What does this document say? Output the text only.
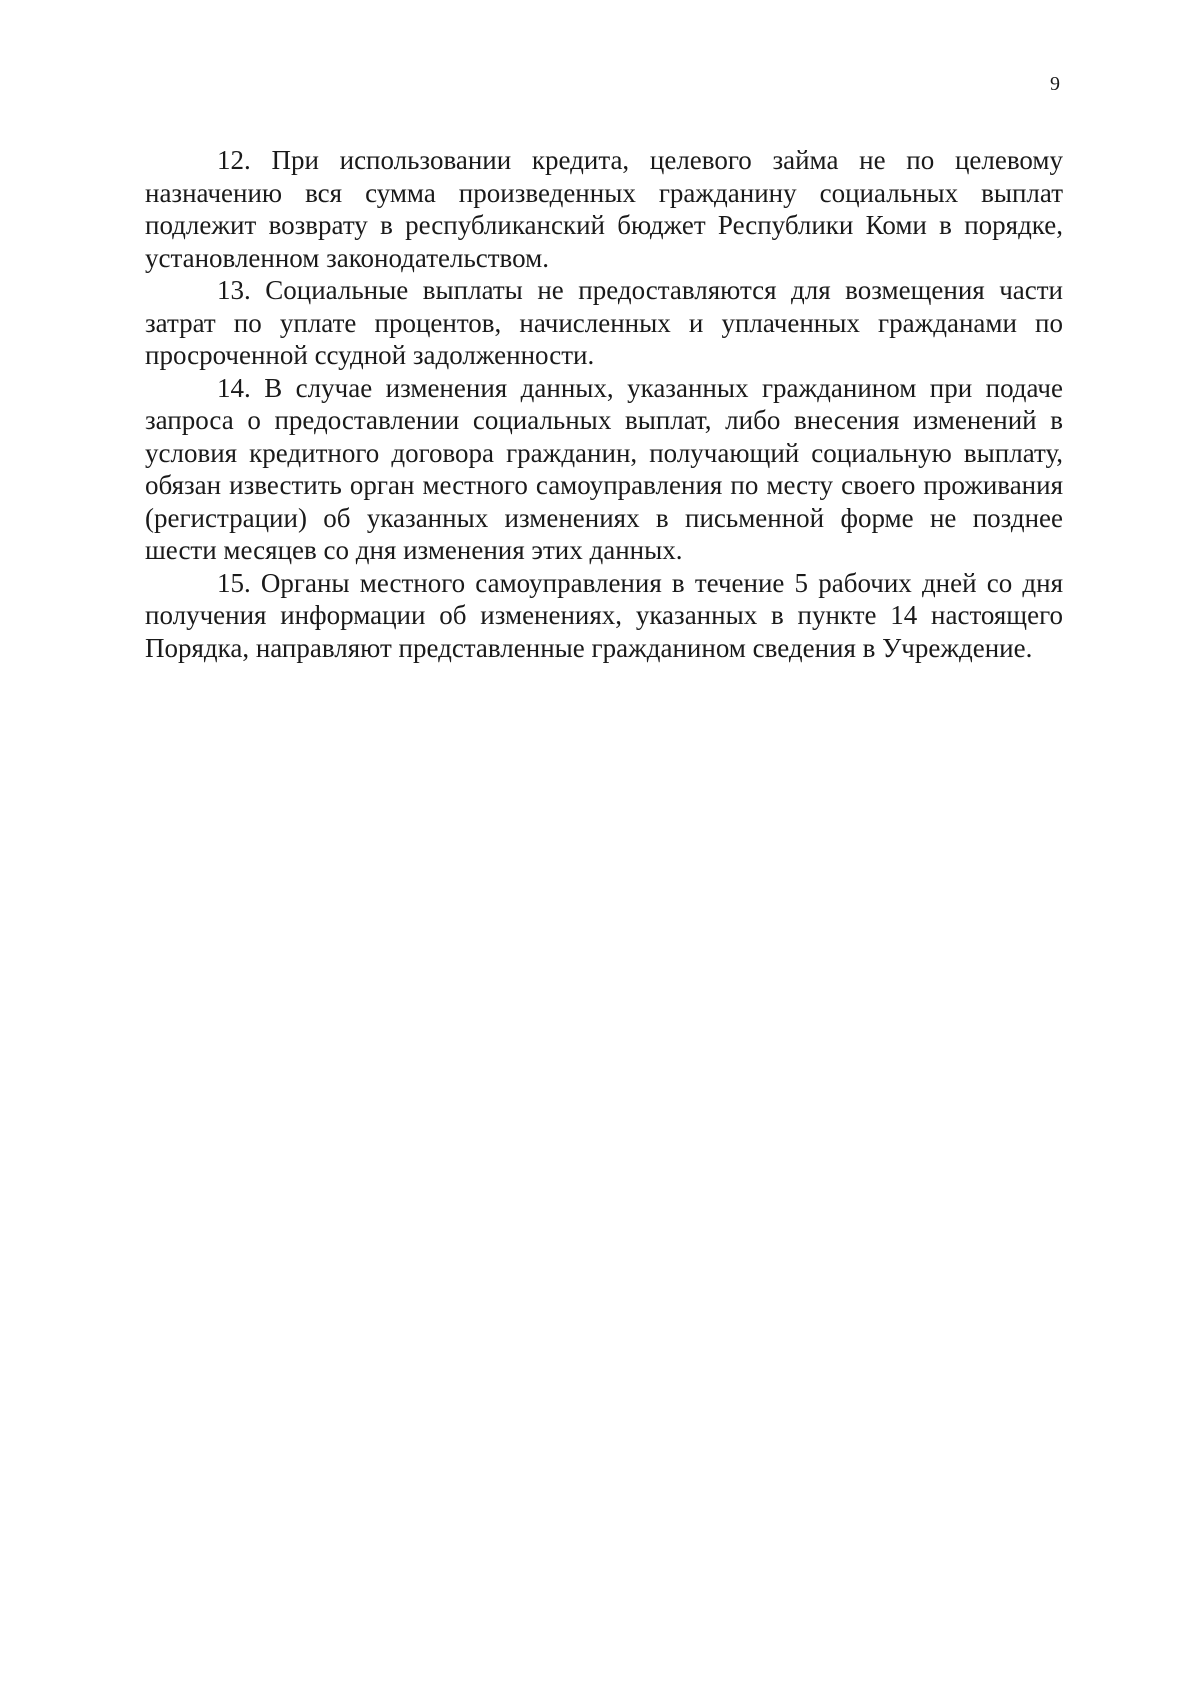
9

12. При использовании кредита, целевого займа не по целевому назначению вся сумма произведенных гражданину социальных выплат подлежит возврату в республиканский бюджет Республики Коми в порядке, установленном законодательством.

13. Социальные выплаты не предоставляются для возмещения части затрат по уплате процентов, начисленных и уплаченных гражданами по просроченной ссудной задолженности.

14. В случае изменения данных, указанных гражданином при подаче запроса о предоставлении социальных выплат, либо внесения изменений в условия кредитного договора гражданин, получающий социальную выплату, обязан известить орган местного самоуправления по месту своего проживания (регистрации) об указанных изменениях в письменной форме не позднее шести месяцев со дня изменения этих данных.

15. Органы местного самоуправления в течение 5 рабочих дней со дня получения информации об изменениях, указанных в пункте 14 настоящего Порядка, направляют представленные гражданином сведения в Учреждение.
